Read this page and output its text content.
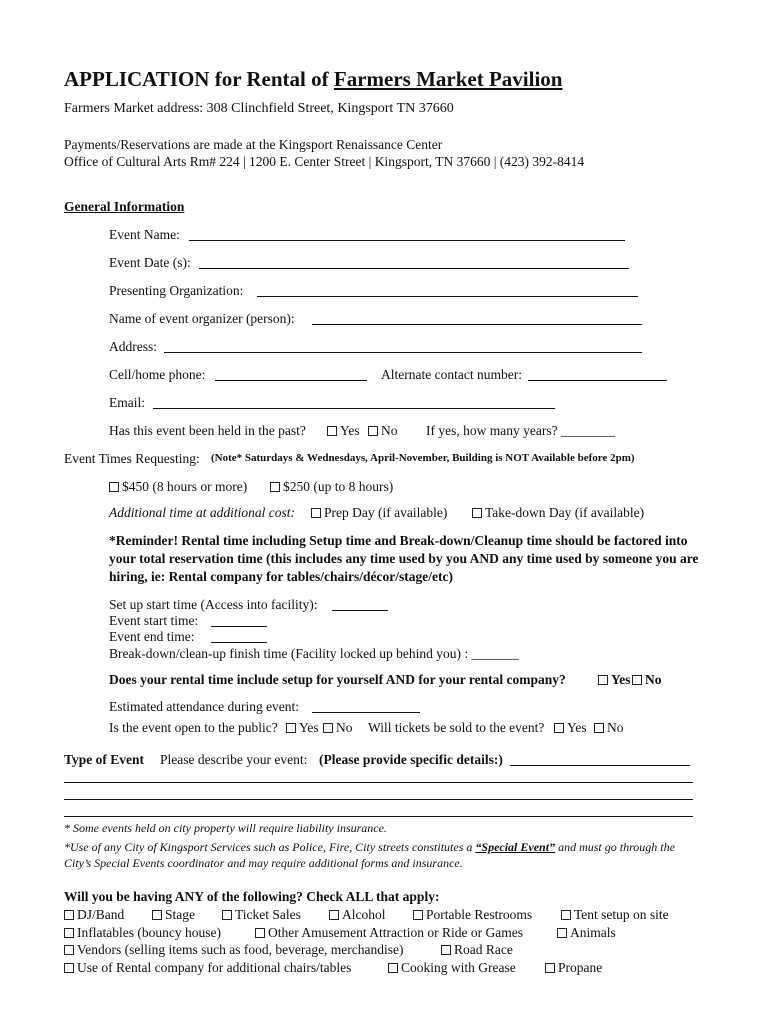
APPLICATION for Rental of Farmers Market Pavilion
Farmers Market address: 308 Clinchfield Street, Kingsport TN 37660
Payments/Reservations are made at the Kingsport Renaissance Center
Office of Cultural Arts Rm# 224 | 1200 E. Center Street | Kingsport, TN 37660 | (423) 392-8414
General Information
Event Name:
Event Date (s):
Presenting Organization:
Name of event organizer (person):
Address:
Cell/home phone:	Alternate contact number:
Email:
Has this event been held in the past?	Yes	No If yes, how many years? ________
Event Times Requesting: (Note* Saturdays & Wednesdays, April-November, Building is NOT Available before 2pm)
$450 (8 hours or more)	$250 (up to 8 hours)
Additional time at additional cost:	Prep Day (if available)	Take-down Day (if available)
*Reminder! Rental time including Setup time and Break-down/Cleanup time should be factored into your total reservation time (this includes any time used by you AND any time used by someone you are hiring, ie: Rental company for tables/chairs/décor/stage/etc)
Set up start time (Access into facility):
Event start time:
Event end time:
Break-down/clean-up finish time (Facility locked up behind you) : _______
Does your rental time include setup for yourself AND for your rental company?	Yes	No
Estimated attendance during event:
Is the event open to the public?	Yes	No Will tickets be sold to the event?	Yes	No
Type of Event Please describe your event: (Please provide specific details:)
* Some events held on city property will require liability insurance.
*Use of any City of Kingsport Services such as Police, Fire, City streets constitutes a “Special Event” and must go through the
City’s Special Events coordinator and may require additional forms and insurance.
Will you be having ANY of the following? Check ALL that apply:
DJ/Band	Stage	Ticket Sales	Alcohol	Portable Restrooms	Tent setup on site
Inflatables (bouncy house)	Other Amusement Attraction or Ride or Games	Animals
Vendors (selling items such as food, beverage, merchandise)	Road Race
Use of Rental company for additional chairs/tables	Cooking with Grease	Propane
